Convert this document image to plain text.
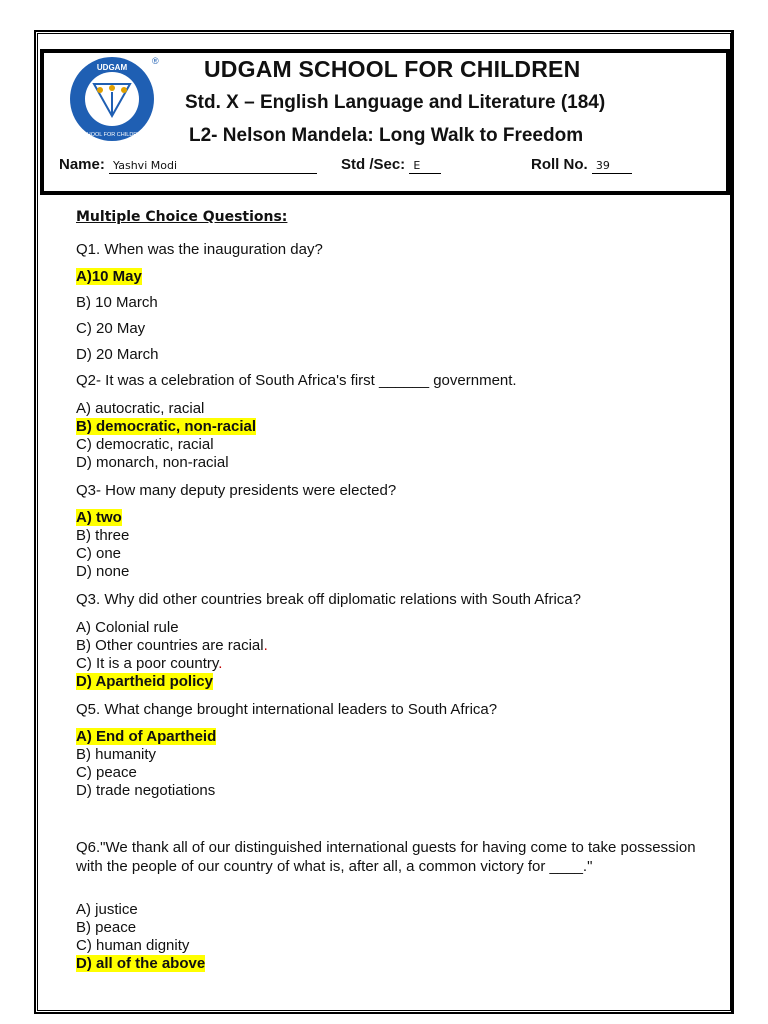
UDGAM
SCHOOL FOR CHILDREN
® UDGAM SCHOOL FOR CHILDREN
Std. X – English Language and Literature (184)
L2- Nelson Mandela: Long Walk to Freedom
Name: Yashvi Modi	Std /Sec: E	Roll No. 39
Multiple Choice Questions:
Q1. When was the inauguration day?
A)10 May
B) 10 March
C) 20 May
D) 20 March
Q2- It was a celebration of South Africa's first ______ government.
A) autocratic, racial
B) democratic, non-racial
C) democratic, racial
D) monarch, non-racial
Q3- How many deputy presidents were elected?
A) two
B) three
C) one
D) none
Q3. Why did other countries break off diplomatic relations with South Africa?
A) Colonial rule
B) Other countries are racial.
C) It is a poor country.
D) Apartheid policy
Q5. What change brought international leaders to South Africa?
A) End of Apartheid
B) humanity
C) peace
D) trade negotiations
Q6."We thank all of our distinguished international guests for having come to take possession with the people of our country of what is, after all, a common victory for ____."
A) justice
B) peace
C) human dignity
D) all of the above
